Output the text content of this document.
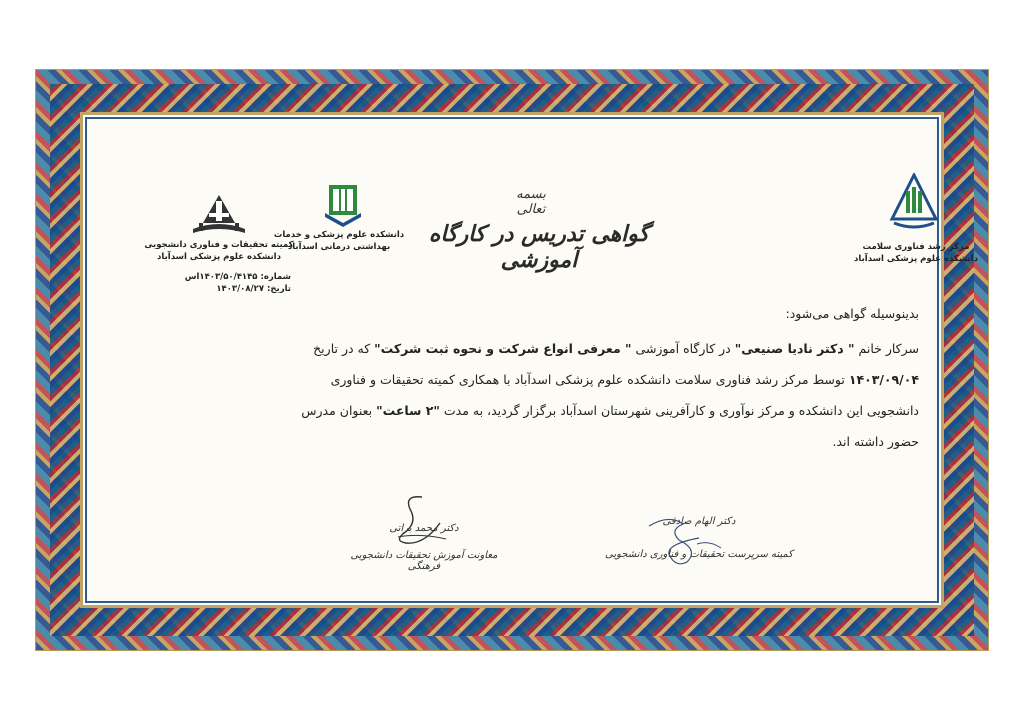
کمیته تحقیقات و فناوری دانشجویی
دانشکده علوم پزشکی اسدآباد
دانشکده علوم پزشکی و خدمات
بهداشتی درمانی اسدآباد	مرکز رشد فناوری سلامت
دانشکده علوم پزشکی اسدآباد
شماره: ۱۴۰۳/۵۰/۴۱۴۵اس
تاریخ: ۱۴۰۳/۰۸/۲۷
بسمه تعالی
گواهی تدریس در کارگاه آموزشی

بدینوسیله گواهی می‌شود:

سرکار خانم " دکتر نادیا صنیعی" در کارگاه آموزشی " معرفی انواع شرکت و نحوه ثبت شرکت" که در تاریخ

۱۴۰۳/۰۹/۰۴ توسط مرکز رشد فناوری سلامت دانشکده علوم پزشکی اسدآباد با همکاری کمیته تحقیقات و فناوری

دانشجویی این دانشکده و مرکز نوآوری و کارآفرینی شهرستان اسدآباد برگزار گردید، به مدت "۲ ساعت" بعنوان مدرس

حضور داشته اند.

دکتر محمد براتی
معاونت آموزش تحقیقات دانشجویی فرهنگی
دکتر الهام صادقی
کمیته سرپرست تحقیقات و فناوری دانشجویی
